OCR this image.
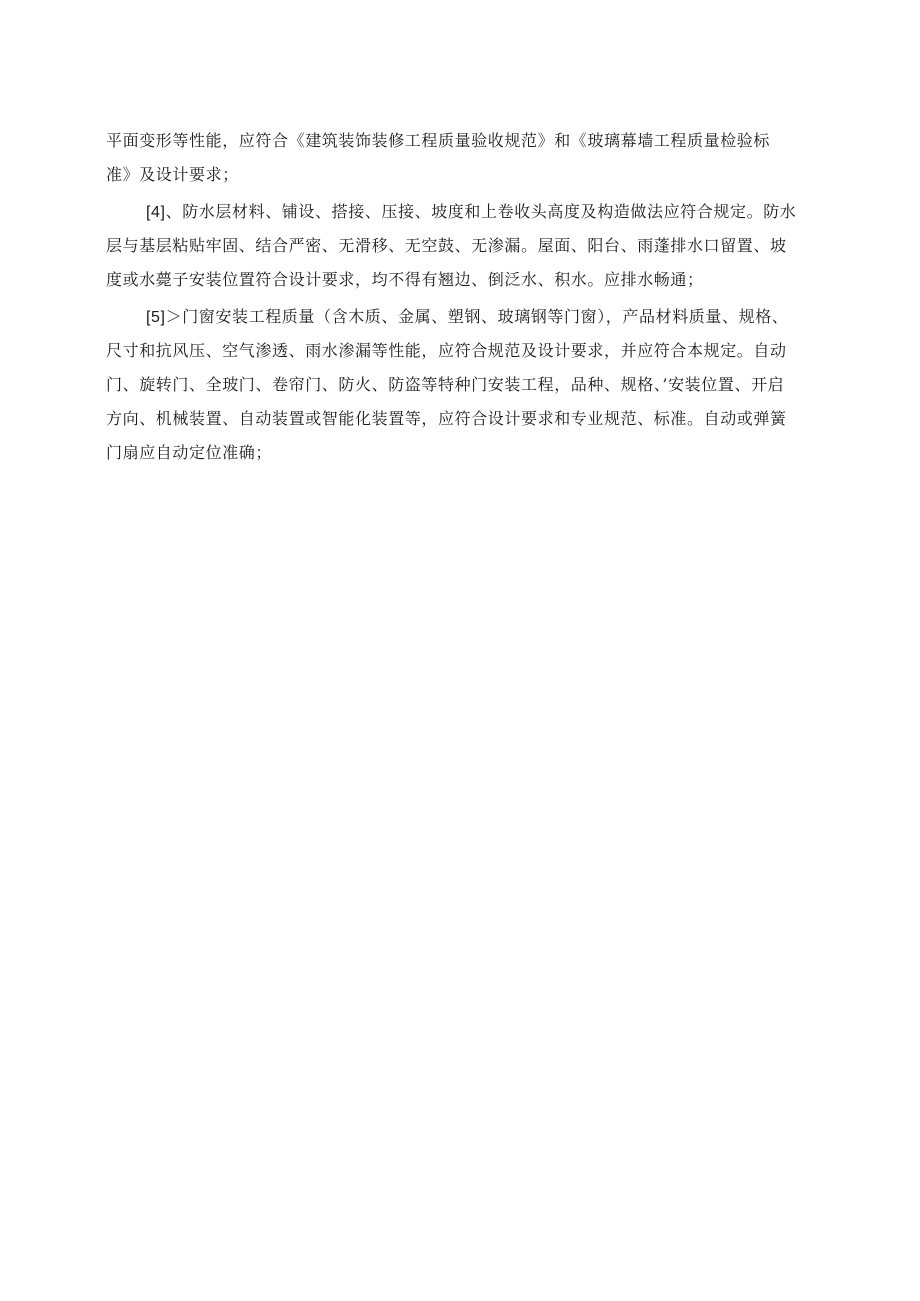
平面变形等性能，应符合《建筑装饰装修工程质量验收规范》和《玻璃幕墙工程质量检验标
准》及设计要求；
[4]、防水层材料、铺设、搭接、压接、坡度和上卷收头高度及构造做法应符合规定。防水
层与基层粘贴牢固、结合严密、无滑移、无空鼓、无渗漏。屋面、阳台、雨蓬排水口留置、坡
度或水薨子安装位置符合设计要求，均不得有翘边、倒泛水、积水。应排水畅通；
[5]＞门窗安装工程质量（含木质、金属、塑钢、玻璃钢等门窗），产品材料质量、规格、
尺寸和抗风压、空气渗透、雨水渗漏等性能，应符合规范及设计要求，并应符合本规定。自动
门、旋转门、全玻门、卷帘门、防火、防盗等特种门安装工程，品种、规格、’安装位置、开启
方向、机械装置、自动装置或智能化装置等，应符合设计要求和专业规范、标准。自动或弹簧
门扇应自动定位准确；
